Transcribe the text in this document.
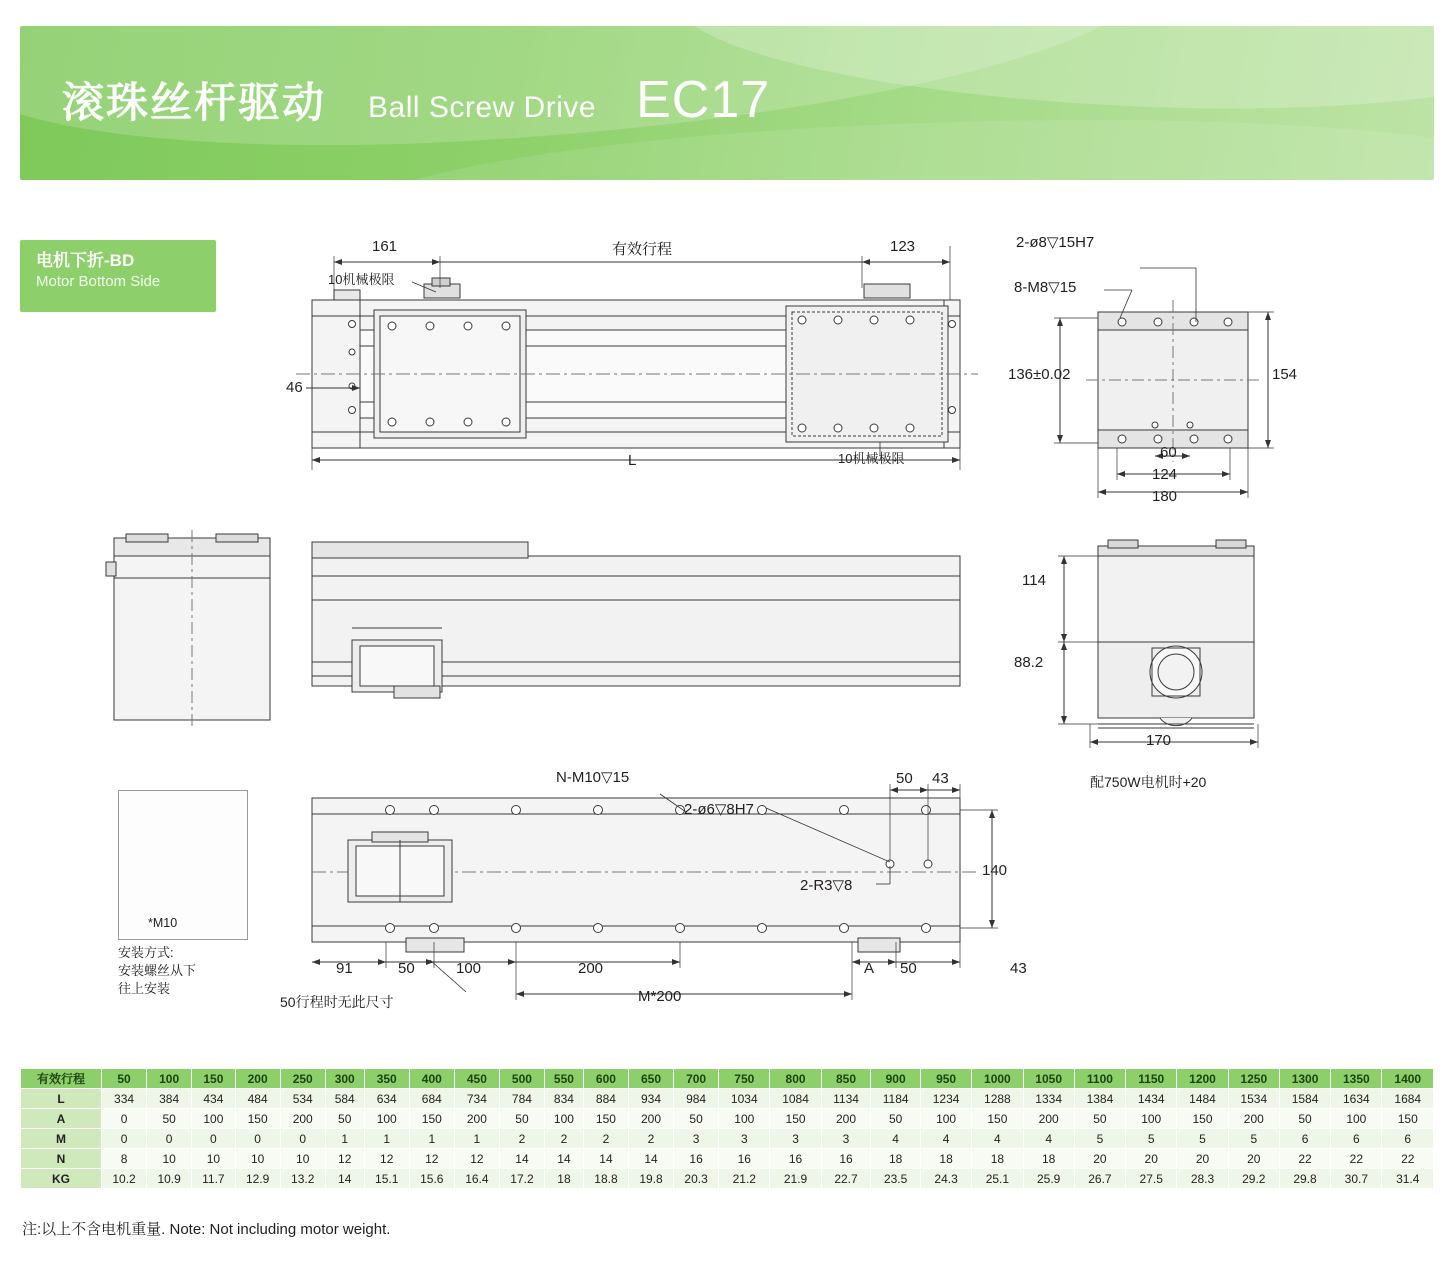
滚珠丝杆驱动 Ball Screw Drive EC17
电机下折-BD
Motor Bottom Side
161	有效行程	123
10机械极限
10机械极限
46
L
2-ø8▽15H7
8-M8▽15
136±0.02	154
60
124
180
114
88.2
170
配750W电机时+20
N-M10▽15
2-ø6▽8H7
2-R3▽8
140
50 43
91	50	100	200	A 50	43
M*200
50行程时无此尺寸
*M10
安装方式:
安装螺丝从下
往上安装
有效行程	50	100	150	200	250	300	350	400	450	500	550	600	650	700	750	800	850	900	950	1000	1050	1100	1150	1200	1250	1300	1350	1400
L	334	384	434	484	534	584	634	684	734	784	834	884	934	984	1034	1084	1134	1184	1234	1288	1334	1384	1434	1484	1534	1584	1634	1684
A	0	50	100	150	200	50	100	150	200	50	100	150	200	50	100	150	200	50	100	150	200	50	100	150	200	50	100	150
M	0	0	0	0	0	1	1	1	1	2	2	2	2	3	3	3	3	4	4	4	4	5	5	5	5	6	6	6
N	8	10	10	10	10	12	12	12	12	14	14	14	14	16	16	16	16	18	18	18	18	20	20	20	20	22	22	22
KG	10.2	10.9	11.7	12.9	13.2	14	15.1	15.6	16.4	17.2	18	18.8	19.8	20.3	21.2	21.9	22.7	23.5	24.3	25.1	25.9	26.7	27.5	28.3	29.2	29.8	30.7	31.4
注:以上不含电机重量. Note: Not including motor weight.
